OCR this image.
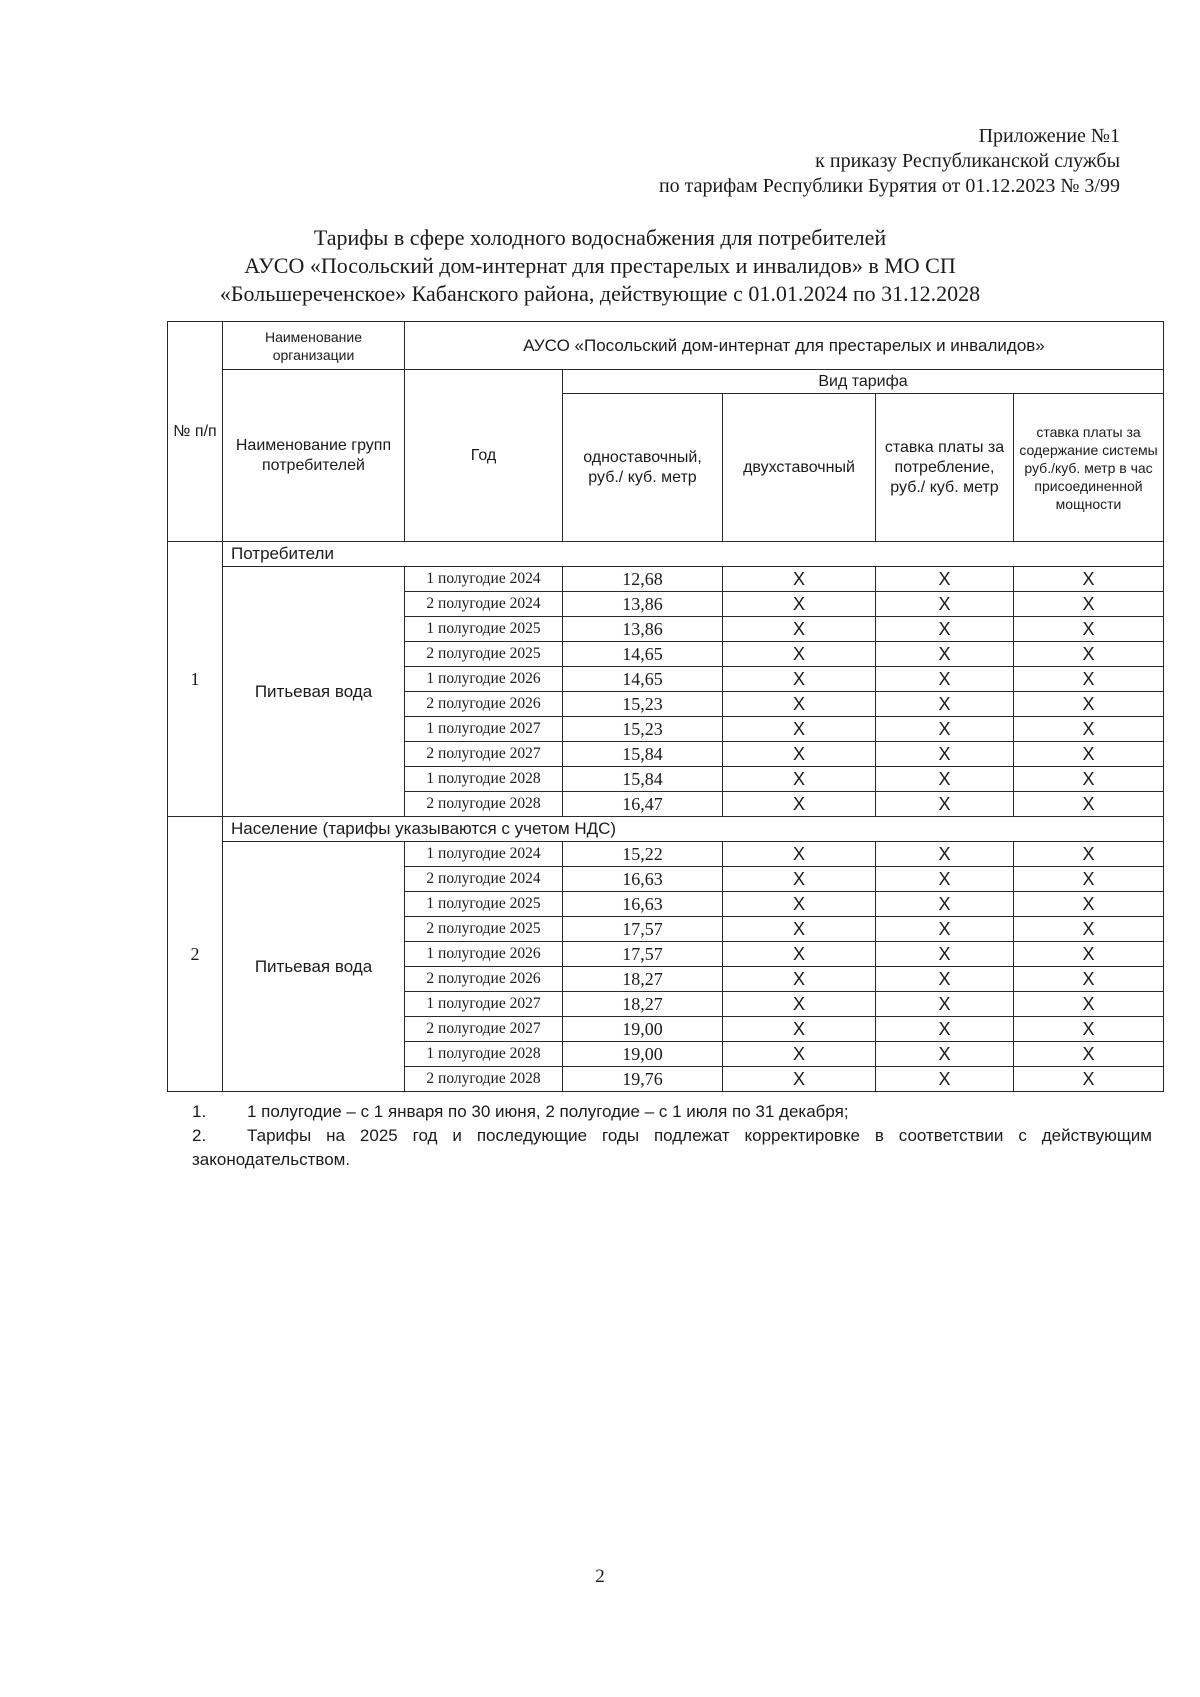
Приложение №1
к приказу Республиканской службы
по тарифам Республики Бурятия от 01.12.2023 № 3/99
Тарифы в сфере холодного водоснабжения для потребителей
АУСО «Посольский дом-интернат для престарелых и инвалидов» в МО СП
«Большереченское» Кабанского района, действующие с 01.01.2024 по 31.12.2028
№ п/п	Наименование организации	АУСО «Посольский дом-интернат для престарелых и инвалидов»				
	Наименование групп потребителей	Год	Вид тарифа			
			одноставочный, руб./ куб. метр	двухставочный	ставка платы за потребление, руб./ куб. метр	ставка платы за содержание системы руб./куб. метр в час присоединенной мощности
1	Потребители					
	Питьевая вода	1 полугодие 2024	12,68	X	X	X
		2 полугодие 2024	13,86	X	X	X
		1 полугодие 2025	13,86	X	X	X
		2 полугодие 2025	14,65	X	X	X
		1 полугодие 2026	14,65	X	X	X
		2 полугодие 2026	15,23	X	X	X
		1 полугодие 2027	15,23	X	X	X
		2 полугодие 2027	15,84	X	X	X
		1 полугодие 2028	15,84	X	X	X
		2 полугодие 2028	16,47	X	X	X
2	Население (тарифы указываются с учетом НДС)					
	Питьевая вода	1 полугодие 2024	15,22	X	X	X
		2 полугодие 2024	16,63	X	X	X
		1 полугодие 2025	16,63	X	X	X
		2 полугодие 2025	17,57	X	X	X
		1 полугодие 2026	17,57	X	X	X
		2 полугодие 2026	18,27	X	X	X
		1 полугодие 2027	18,27	X	X	X
		2 полугодие 2027	19,00	X	X	X
		1 полугодие 2028	19,00	X	X	X
		2 полугодие 2028	19,76	X	X	X
1. 1 полугодие – с 1 января по 30 июня, 2 полугодие – с 1 июля по 31 декабря;
2. Тарифы на 2025 год и последующие годы подлежат корректировке в соответствии с действующим законодательством.
2
